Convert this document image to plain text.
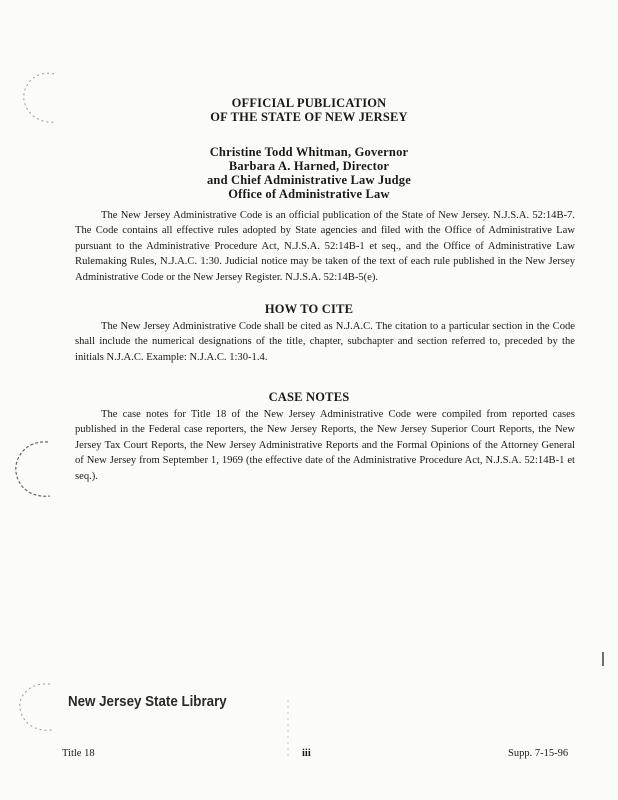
OFFICIAL PUBLICATION
OF THE STATE OF NEW JERSEY
Christine Todd Whitman, Governor
Barbara A. Harned, Director
and Chief Administrative Law Judge
Office of Administrative Law

The New Jersey Administrative Code is an official publication of the State of New Jersey. N.J.S.A. 52:14B-7. The Code contains all effective rules adopted by State agencies and filed with the Office of Administrative Law pursuant to the Administrative Procedure Act, N.J.S.A. 52:14B-1 et seq., and the Office of Administrative Law Rulemaking Rules, N.J.A.C. 1:30. Judicial notice may be taken of the text of each rule published in the New Jersey Administrative Code or the New Jersey Register. N.J.S.A. 52:14B-5(e).

HOW TO CITE

The New Jersey Administrative Code shall be cited as N.J.A.C. The citation to a particular section in the Code shall include the numerical designations of the title, chapter, subchapter and section referred to, preceded by the initials N.J.A.C. Example: N.J.A.C. 1:30-1.4.

CASE NOTES

The case notes for Title 18 of the New Jersey Administrative Code were compiled from reported cases published in the Federal case reporters, the New Jersey Reports, the New Jersey Superior Court Reports, the New Jersey Tax Court Reports, the New Jersey Administrative Reports and the Formal Opinions of the Attorney General of New Jersey from September 1, 1969 (the effective date of the Administrative Procedure Act, N.J.S.A. 52:14B-1 et seq.).

New Jersey State Library
Title 18	iii	Supp. 7-15-96
